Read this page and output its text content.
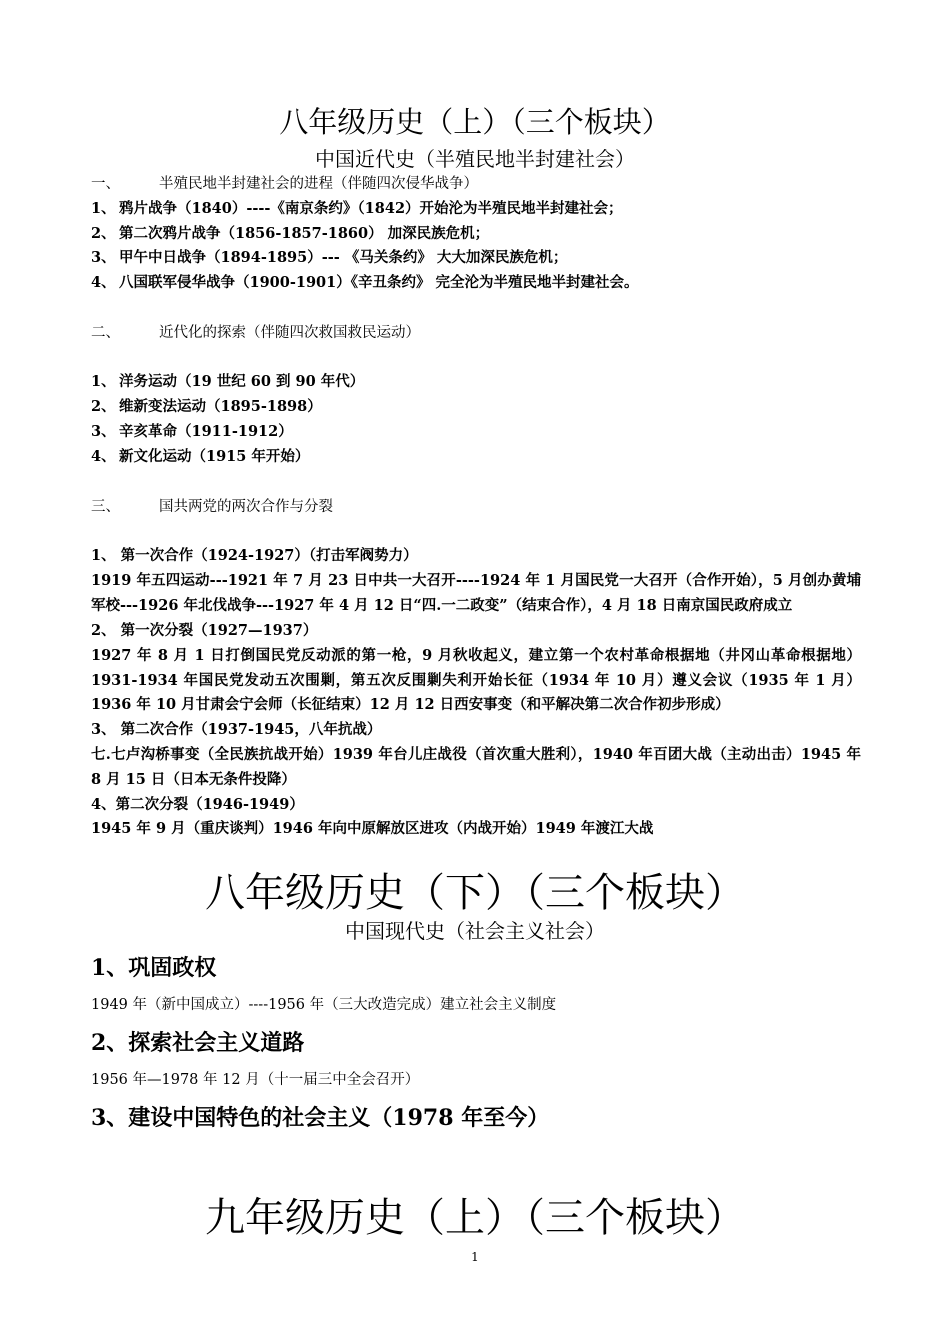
八年级历史（上）（三个板块）
中国近代史（半殖民地半封建社会）
一、	半殖民地半封建社会的进程（伴随四次侵华战争）
1、 鸦片战争（1840）----《南京条约》（1842）开始沦为半殖民地半封建社会；
2、 第二次鸦片战争（1856-1857-1860） 加深民族危机；
3、 甲午中日战争（1894-1895）--- 《马关条约》 大大加深民族危机；
4、 八国联军侵华战争（1900-1901）《辛丑条约》 完全沦为半殖民地半封建社会。
二、	近代化的探索（伴随四次救国救民运动）
1、 洋务运动（19 世纪 60 到 90 年代）
2、 维新变法运动（1895-1898）
3、 辛亥革命（1911-1912）
4、 新文化运动（1915 年开始）
三、	国共两党的两次合作与分裂
1、 第一次合作（1924-1927）（打击军阀势力）
1919 年五四运动---1921 年 7 月 23 日中共一大召开----1924 年 1 月国民党一大召开（合作开始），5 月创办黄埔军校---1926 年北伐战争---1927 年 4 月 12 日“四.一二政变”（结束合作），4 月 18 日南京国民政府成立
2、 第一次分裂（1927—1937）
1927 年 8 月 1 日打倒国民党反动派的第一枪，9 月秋收起义，建立第一个农村革命根据地（井冈山革命根据地）1931-1934 年国民党发动五次围剿，第五次反围剿失利开始长征（1934 年 10 月）遵义会议（1935 年 1 月）1936 年 10 月甘肃会宁会师（长征结束）12 月 12 日西安事变（和平解决第二次合作初步形成）
3、 第二次合作（1937-1945，八年抗战）
七.七卢沟桥事变（全民族抗战开始）1939 年台儿庄战役（首次重大胜利），1940 年百团大战（主动出击）1945 年 8 月 15 日（日本无条件投降）
4、第二次分裂（1946-1949）
1945 年 9 月（重庆谈判）1946 年向中原解放区进攻（内战开始）1949 年渡江大战
八年级历史（下）（三个板块）
中国现代史（社会主义社会）
1、巩固政权
1949 年（新中国成立）----1956 年（三大改造完成）建立社会主义制度
2、探索社会主义道路
1956 年—1978 年 12 月（十一届三中全会召开）
3、建设中国特色的社会主义（1978 年至今）
九年级历史（上）（三个板块）
1
